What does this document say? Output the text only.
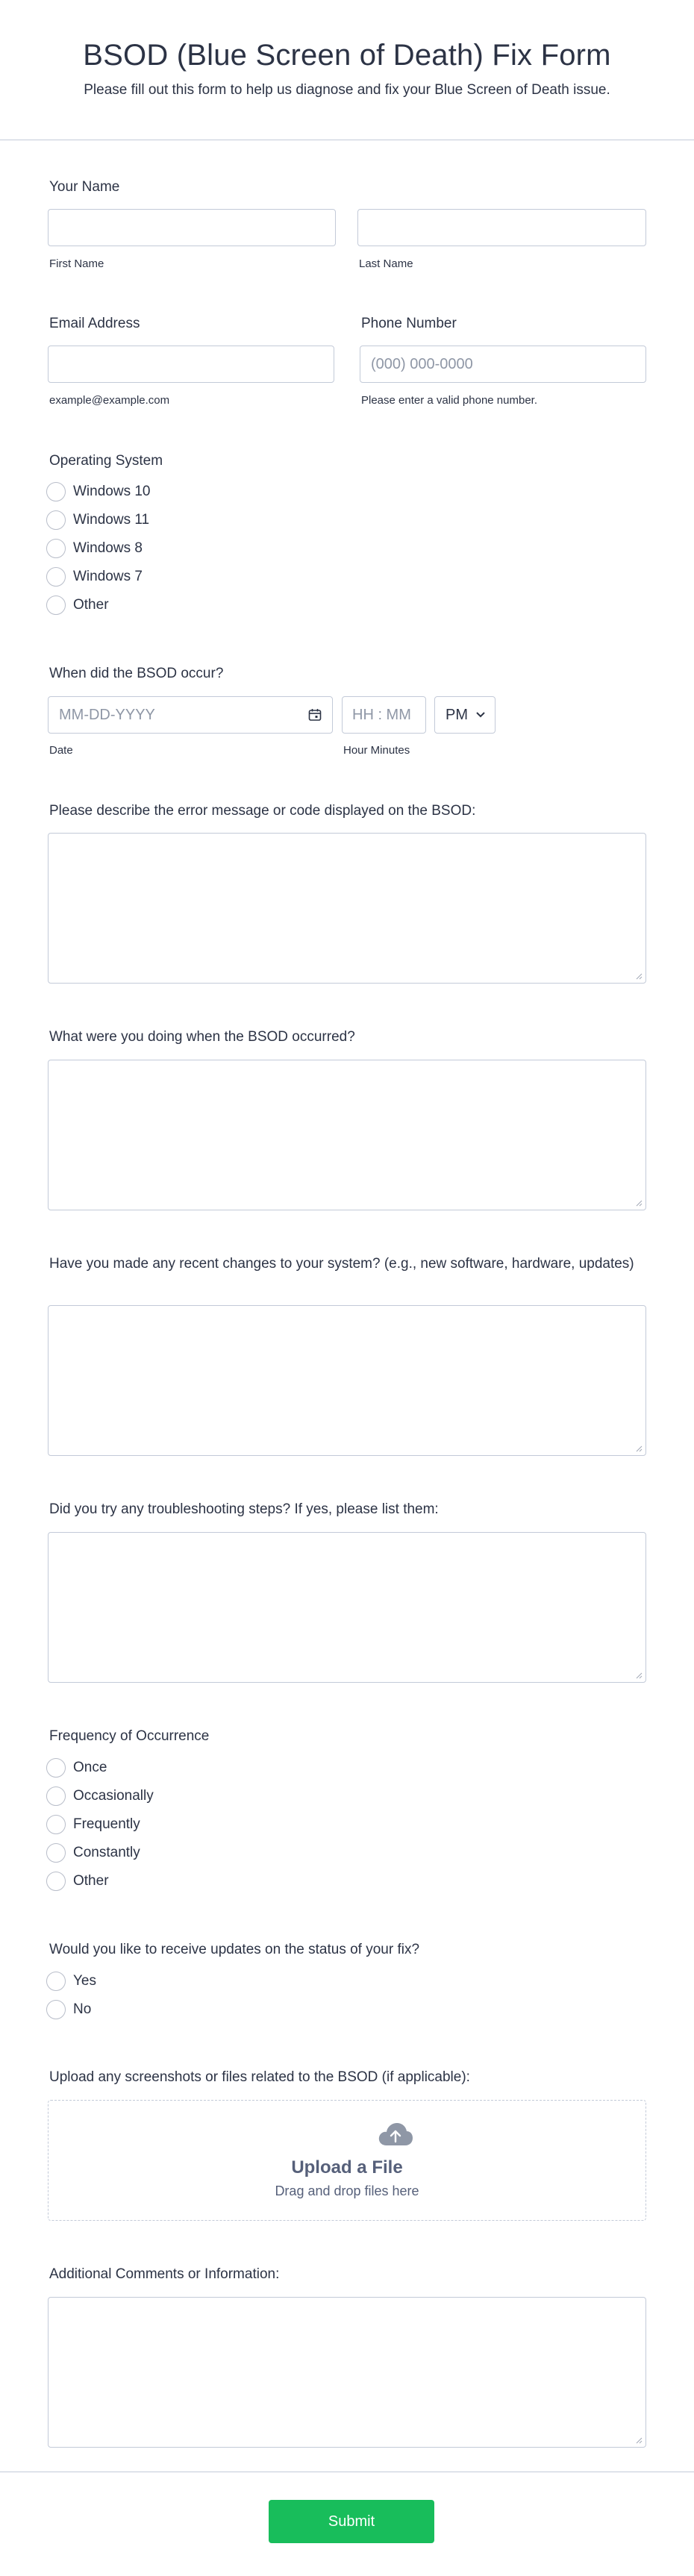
BSOD (Blue Screen of Death) Fix Form

Please fill out this form to help us diagnose and fix your Blue Screen of Death issue.

Your Name
First Name	Last Name
Email Address
example@example.com
Phone Number
(000) 000-0000
Please enter a valid phone number.
Operating System
Windows 10
Windows 11
Windows 8
Windows 7
Other
When did the BSOD occur?
MM-DD-YYYY
Date
HH : MM
Hour Minutes
PM
Please describe the error message or code displayed on the BSOD:
What were you doing when the BSOD occurred?
Have you made any recent changes to your system? (e.g., new software, hardware, updates)
Did you try any troubleshooting steps? If yes, please list them:
Frequency of Occurrence
Once
Occasionally
Frequently
Constantly
Other
Would you like to receive updates on the status of your fix?
Yes
No
Upload any screenshots or files related to the BSOD (if applicable):
Upload a File
Drag and drop files here
Additional Comments or Information:
Submit
